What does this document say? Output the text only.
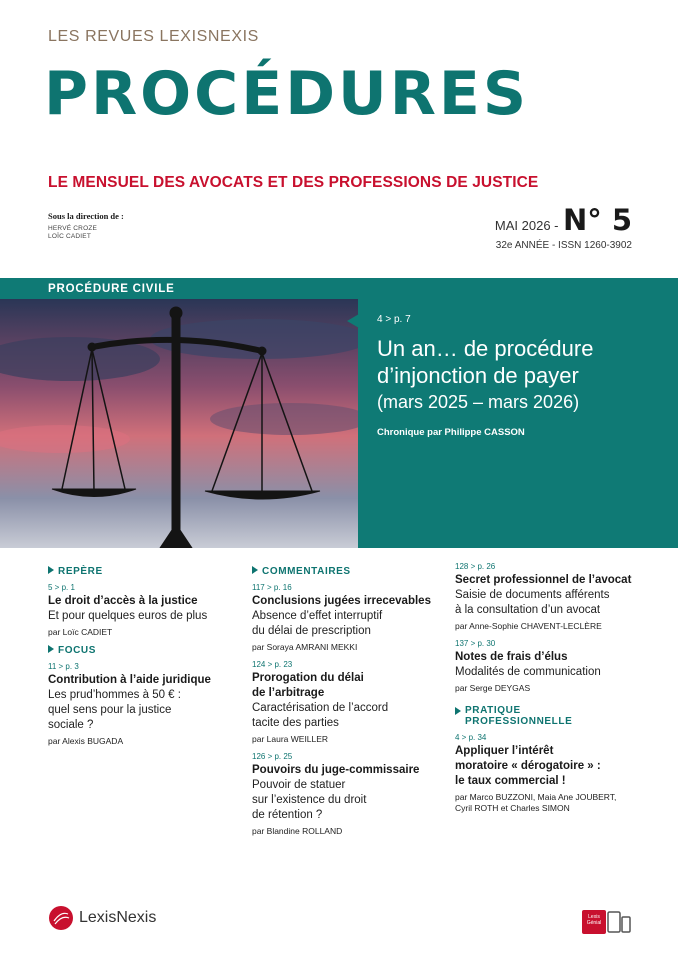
LES REVUES LEXISNEXIS
PROCÉDURES
LE MENSUEL DES AVOCATS ET DES PROFESSIONS DE JUSTICE
Sous la direction de :
HERVÉ CROZE
LOÏC CADIET
MAI 2026 - N° 5
32e ANNÉE - ISSN 1260-3902
PROCÉDURE CIVILE
4 > p. 7
Un an… de procédure
d’injonction de payer
(mars 2025 – mars 2026)
Chronique par Philippe CASSON
REPÈRE
5 > p. 1
Le droit d’accès à la justice
Et pour quelques euros de plus
par Loïc CADIET
FOCUS
11 > p. 3
Contribution à l’aide juridique
Les prud’hommes à 50 € :
quel sens pour la justice
sociale ?
par Alexis BUGADA
COMMENTAIRES
117 > p. 16
Conclusions jugées irrecevables
Absence d’effet interruptif
du délai de prescription
par Soraya AMRANI MEKKI
124 > p. 23
Prorogation du délai
de l’arbitrage
Caractérisation de l’accord
tacite des parties
par Laura WEILLER
126 > p. 25
Pouvoirs du juge-commissaire
Pouvoir de statuer
sur l’existence du droit
de rétention ?
par Blandine ROLLAND
128 > p. 26
Secret professionnel de l’avocat
Saisie de documents afférents
à la consultation d’un avocat
par Anne-Sophie CHAVENT-LECLÈRE
137 > p. 30
Notes de frais d’élus
Modalités de communication
par Serge DEYGAS
PRATIQUE
PROFESSIONNELLE
4 > p. 34
Appliquer l’intérêt
moratoire « dérogatoire » :
le taux commercial !
par Marco BUZZONI, Maia Ane JOUBERT,
Cyril ROTH et Charles SIMON
LexisNexis	Lexis Génial
